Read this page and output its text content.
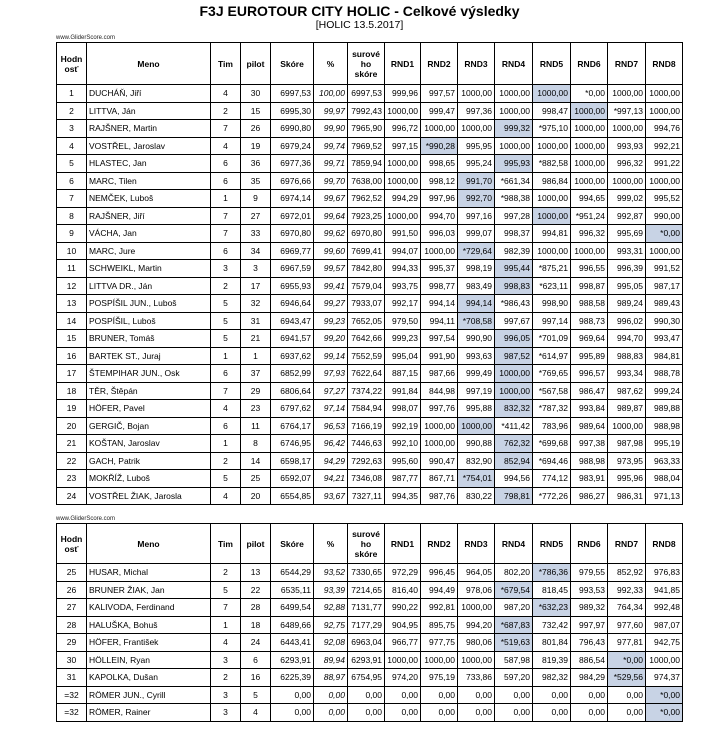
F3J EUROTOUR CITY HOLIC - Celkové výsledky
[HOLIC 13.5.2017]
www.GliderScore.com
Hodn
osť	Meno	Tim	pilot	Skóre	%	surové
ho
skóre	RND1	RND2	RND3	RND4	RND5	RND6	RND7	RND8
1	DUCHÁŇ, Jiří	4	30	6997,53	100,00	6997,53	999,96	997,57	1000,00	1000,00	1000,00	*0,00	1000,00	1000,00
2	LITTVA, Ján	2	15	6995,30	99,97	7992,43	1000,00	999,47	997,36	1000,00	998,47	1000,00	*997,13	1000,00
3	RAJŠNER, Martin	7	26	6990,80	99,90	7965,90	996,72	1000,00	1000,00	999,32	*975,10	1000,00	1000,00	994,76
4	VOSTŘEL, Jaroslav	4	19	6979,24	99,74	7969,52	997,15	*990,28	995,95	1000,00	1000,00	1000,00	993,93	992,21
5	HLASTEC, Jan	6	36	6977,36	99,71	7859,94	1000,00	998,65	995,24	995,93	*882,58	1000,00	996,32	991,22
6	MARC, Tilen	6	35	6976,66	99,70	7638,00	1000,00	998,12	991,70	*661,34	986,84	1000,00	1000,00	1000,00
7	NEMČEK, Luboš	1	9	6974,14	99,67	7962,52	994,29	997,96	992,70	*988,38	1000,00	994,65	999,02	995,52
8	RAJŠNER, Jiří	7	27	6972,01	99,64	7923,25	1000,00	994,70	997,16	997,28	1000,00	*951,24	992,87	990,00
9	VÁCHA, Jan	7	33	6970,80	99,62	6970,80	991,50	996,03	999,07	998,37	994,81	996,32	995,69	*0,00
10	MARC, Jure	6	34	6969,77	99,60	7699,41	994,07	1000,00	*729,64	982,39	1000,00	1000,00	993,31	1000,00
11	SCHWEIKL, Martin	3	3	6967,59	99,57	7842,80	994,33	995,37	998,19	995,44	*875,21	996,55	996,39	991,52
12	LITTVA DR., Ján	2	17	6955,93	99,41	7579,04	993,75	998,77	983,49	998,83	*623,11	998,87	995,05	987,17
13	POSPÍŠIL JUN., Luboš	5	32	6946,64	99,27	7933,07	992,17	994,14	994,14	*986,43	998,90	988,58	989,24	989,43
14	POSPÍŠIL, Luboš	5	31	6943,47	99,23	7652,05	979,50	994,11	*708,58	997,67	997,14	988,73	996,02	990,30
15	BRUNER, Tomáš	5	21	6941,57	99,20	7642,66	999,23	997,54	990,90	996,05	*701,09	969,64	994,70	993,47
16	BARTEK ST., Juraj	1	1	6937,62	99,14	7552,59	995,04	991,90	993,63	987,52	*614,97	995,89	988,83	984,81
17	ŠTEMPIHAR JUN., Osk	6	37	6852,99	97,93	7622,64	887,15	987,66	999,49	1000,00	*769,65	996,57	993,34	988,78
18	TĚR, Štěpán	7	29	6806,64	97,27	7374,22	991,84	844,98	997,19	1000,00	*567,58	986,47	987,62	999,24
19	HÖFER, Pavel	4	23	6797,62	97,14	7584,94	998,07	997,76	995,88	832,32	*787,32	993,84	989,87	989,88
20	GERGIČ, Bojan	6	11	6764,17	96,53	7166,19	992,19	1000,00	1000,00	*411,42	783,96	989,64	1000,00	988,98
21	KOŠTAN, Jaroslav	1	8	6746,95	96,42	7446,63	992,10	1000,00	990,88	762,32	*699,68	997,38	987,98	995,19
22	GACH, Patrik	2	14	6598,17	94,29	7292,63	995,60	990,47	832,90	852,94	*694,46	988,98	973,95	963,33
23	MOKŘÍŽ, Luboš	5	25	6592,07	94,21	7346,08	987,77	867,71	*754,01	994,56	774,12	983,91	995,96	988,04
24	VOSTŘEL ŽIAK, Jarosla	4	20	6554,85	93,67	7327,11	994,35	987,76	830,22	798,81	*772,26	986,27	986,31	971,13
www.GliderScore.com
Hodn
osť	Meno	Tim	pilot	Skóre	%	surové
ho
skóre	RND1	RND2	RND3	RND4	RND5	RND6	RND7	RND8
25	HUSAR, Michal	2	13	6544,29	93,52	7330,65	972,29	996,45	964,05	802,20	*786,36	979,55	852,92	976,83
26	BRUNER ŽIAK, Jan	5	22	6535,11	93,39	7214,65	816,40	994,49	978,06	*679,54	818,45	993,53	992,33	941,85
27	KALIVODA, Ferdinand	7	28	6499,54	92,88	7131,77	990,22	992,81	1000,00	987,20	*632,23	989,32	764,34	992,48
28	HALUŠKA, Bohuš	1	18	6489,66	92,75	7177,29	904,95	895,75	994,20	*687,83	732,42	997,97	977,60	987,07
29	HÖFER, František	4	24	6443,41	92,08	6963,04	966,77	977,75	980,06	*519,63	801,84	796,43	977,81	942,75
30	HÖLLEIN, Ryan	3	6	6293,91	89,94	6293,91	1000,00	1000,00	1000,00	587,98	819,39	886,54	*0,00	1000,00
31	KAPOLKA, Dušan	2	16	6225,39	88,97	6754,95	974,20	975,19	733,86	597,20	982,32	984,29	*529,56	974,37
=32	RÖMER JUN., Cyrill	3	5	0,00	0,00	0,00	0,00	0,00	0,00	0,00	0,00	0,00	0,00	*0,00
=32	RÖMER, Rainer	3	4	0,00	0,00	0,00	0,00	0,00	0,00	0,00	0,00	0,00	0,00	*0,00
